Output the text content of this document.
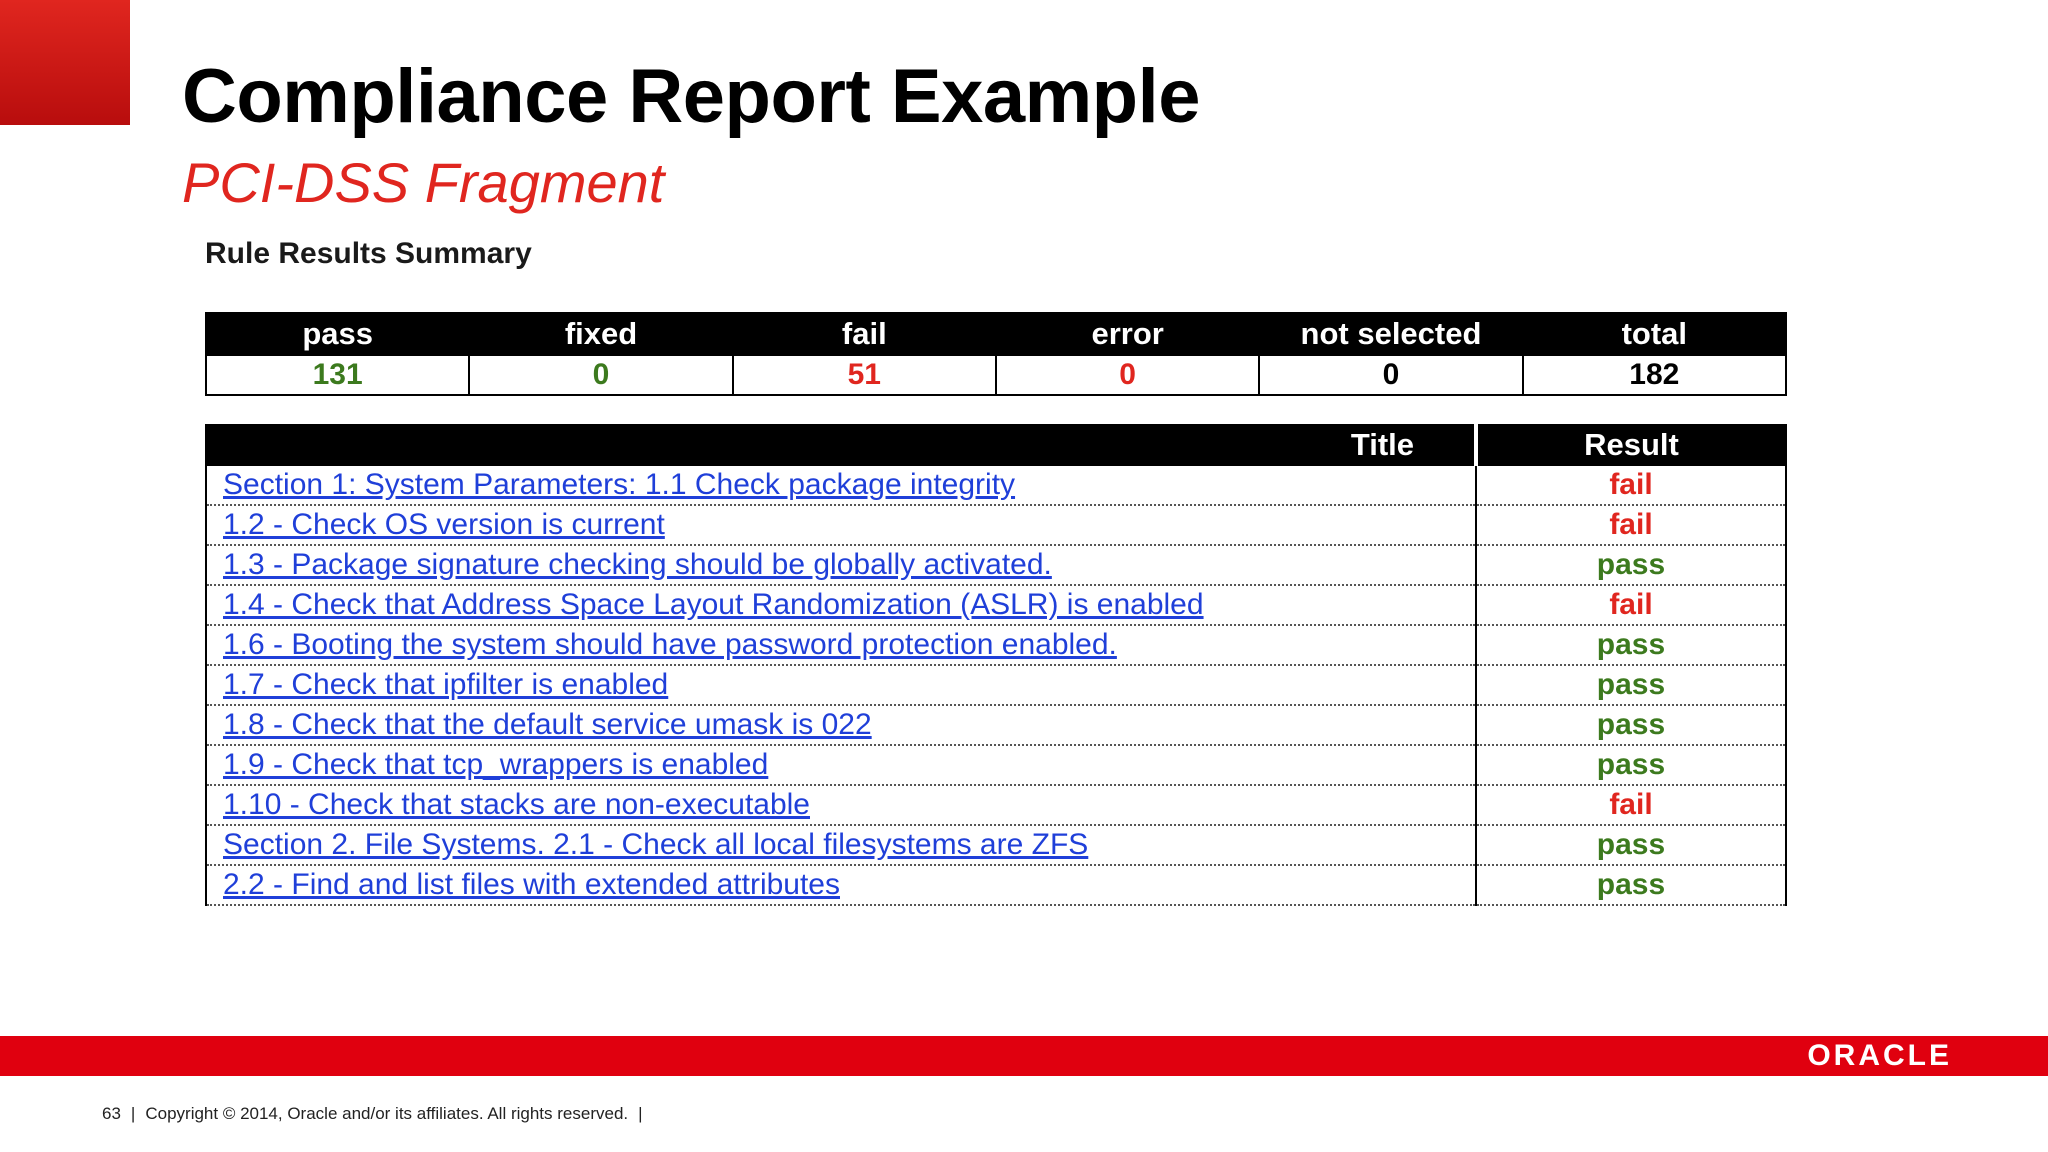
Compliance Report Example
PCI-DSS Fragment
Rule Results Summary
pass	fixed	fail	error	not selected	total
131	0	51	0	0	182
Title	Result
Section 1: System Parameters: 1.1 Check package integrity	fail
1.2 - Check OS version is current	fail
1.3 - Package signature checking should be globally activated.	pass
1.4 - Check that Address Space Layout Randomization (ASLR) is enabled	fail
1.6 - Booting the system should have password protection enabled.	pass
1.7 - Check that ipfilter is enabled	pass
1.8 - Check that the default service umask is 022	pass
1.9 - Check that tcp_wrappers is enabled	pass
1.10 - Check that stacks are non-executable	fail
Section 2. File Systems. 2.1 - Check all local filesystems are ZFS	pass
2.2 - Find and list files with extended attributes	pass
ORACLE
63 | Copyright © 2014, Oracle and/or its affiliates. All rights reserved. |
